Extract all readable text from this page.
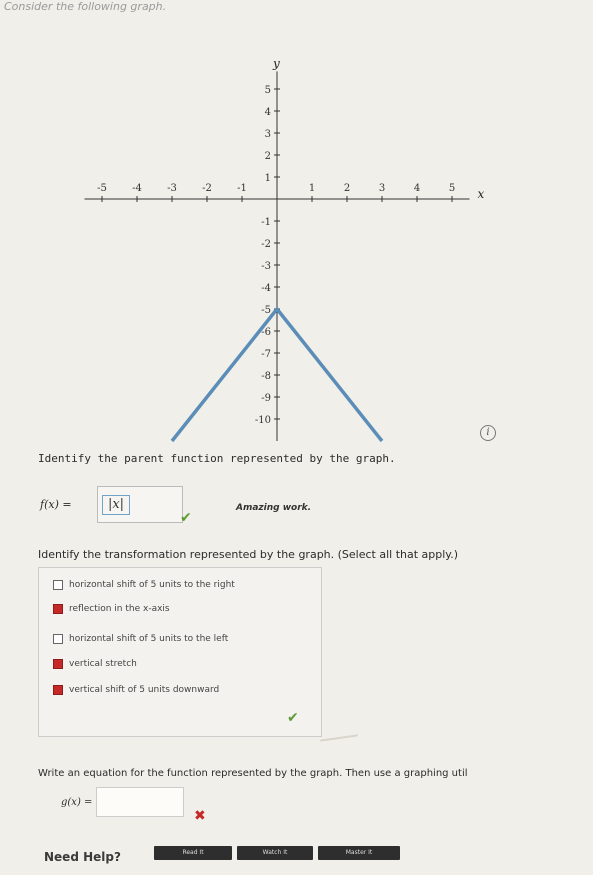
Consider the following graph.
x
y
-5	-4	-3	-2	-1	1	2	3	4	5
5
4
3
2
1
-1
-2
-3
-4
-5
-6
-7
-8
-9
-10
i
Identify the parent function represented by the graph.
f(x) =	|x|
✔
Amazing work.
Identify the transformation represented by the graph. (Select all that apply.)
horizontal shift of 5 units to the right
reflection in the x-axis
horizontal shift of 5 units to the left
vertical stretch
vertical shift of 5 units downward
✔
Write an equation for the function represented by the graph. Then use a graphing util
g(x) =
✖
Need Help?	Read It	Watch It	Master It
